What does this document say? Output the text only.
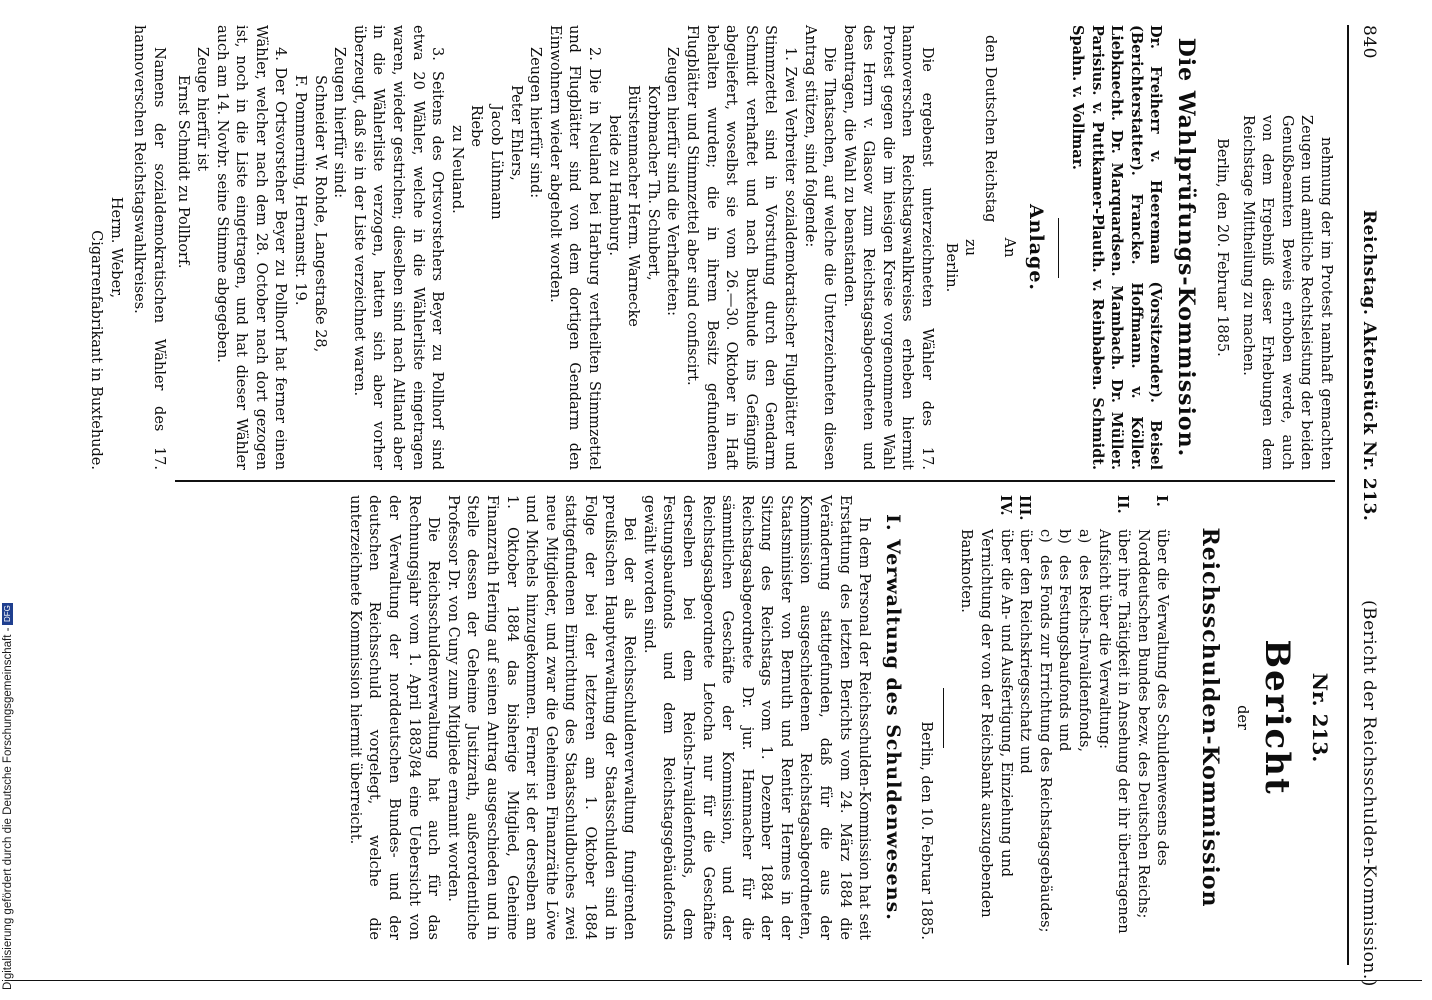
840
Reichstag. Aktenstück Nr. 213.
(Bericht der Reichsschulden-Kommission.)

nehmung der im Protest namhaft gemachten Zeugen und amtliche Rechtsleistung der beiden Genußbeamten Beweis erhoben werde, auch von dem Ergebniß dieser Erhebungen dem Reichstage Mittheilung zu machen.

Berlin, den 20. Februar 1885.

Die Wahlprüfungs-Kommission.

Dr. Freiherr v. Heereman (Vorsitzender). Beisel (Berichterstatter). Francke. Hoffmann. v. Köller. Liebknecht. Dr. Marquardsen. Mambach. Dr. Müller. Parisius. v. Puttkamer-Plauth. v. Reinbaben. Schmidt. Spahn. v. Vollmar.

Anlage.

An

den Deutschen Reichstag

zu

Berlin.

Die ergebenst unterzeichneten Wähler des 17. hannoverschen Reichstagswahlkreises erheben hiermit Protest gegen die im hiesigen Kreise vorgenommene Wahl des Herrn v. Glasow zum Reichstagsabgeordneten und beantragen, die Wahl zu beanstanden.

Die Thatsachen, auf welche die Unterzeichneten diesen Antrag stützen, sind folgende:

1. Zwei Verbreiter sozialdemokratischer Flugblätter und Stimmzettel sind in Vorstufung durch den Gendarm Schmidt verhaftet und nach Buxtehude ins Gefängniß abgeliefert, woselbst sie vom 26.—30. Oktober in Haft behalten wurden; die in ihrem Besitz gefundenen Flugblätter und Stimmzettel aber sind confiscirt.

Zeugen hierfür sind die Verhafteten:

Korbmacher Th. Schubert,

Bürstenmacher Herm. Warnecke

beide zu Hamburg.

2. Die in Neuland bei Harburg vertheilten Stimmzettel und Flugblätter sind von dem dortigen Gendarm den Einwohnern wieder abgeholt worden.

Zeugen hierfür sind:

Peter Ehlers,

Jacob Lühmann

Riebe

zu Neuland.

3. Seitens des Ortsvorstehers Beyer zu Pollhorf sind etwa 20 Wähler, welche in die Wählerliste eingetragen waren, wieder gestrichen; dieselben sind nach Altland aber in die Wählerliste verzogen, hatten sich aber vorher überzeugt, daß sie in der Liste verzeichnet waren.

Zeugen hierfür sind:

Schneider W. Rohde, Langestraße 28,

F. Pommerning, Hernamstr. 19.

4. Der Ortsvorsteher Beyer zu Pollhorf hat ferner einen Wähler, welcher nach dem 28. October nach dort gezogen ist, noch in die Liste eingetragen, und hat dieser Wähler auch am 14. Novbr. seine Stimme abgegeben.

Zeuge hierfür ist

Ernst Schmidt zu Pollhorf.

Namens der sozialdemokratischen Wähler des 17. hannoverschen Reichstagswahlkreises.

Herm. Weber,

Cigarrenfabrikant in Buxtehude.

Nr. 213.

Bericht

der

Reichsschulden-Kommission

I.
über die Verwaltung des Schuldenwesens des Norddeutschen Bundes bezw. des Deutschen Reichs;
II.
über ihre Thätigkeit in Ansehung der ihr übertragenen Aufsicht über die Verwaltung:
a)
des Reichs-Invalidenfonds,
b)
des Festungsbaufonds und
c)
des Fonds zur Errichtung des Reichstagsgebäudes;
III.
über den Reichskriegsschatz und
IV.
über die An- und Ausfertigung, Einziehung und Vernichtung der von der Reichsbank auszugebenden Banknoten.

Berlin, den 10. Februar 1885.

I. Verwaltung des Schuldenwesens.

In dem Personal der Reichsschulden-Kommission hat seit Erstattung des letzten Berichts vom 24. März 1884 die Veränderung stattgefunden, daß für die aus der Kommission ausgeschiedenen Reichstagsabgeordneten, Staatsminister von Bernuth und Rentier Hermes in der Sitzung des Reichstags vom 1. Dezember 1884 der Reichstagsabgeordnete Dr. jur. Hammacher für die sämmtlichen Geschäfte der Kommission, und der Reichstagsabgeordnete Letocha nur für die Geschäfte derselben bei dem Reichs-Invalidenfonds, dem Festungsbaufonds und dem Reichstagsgebäudefonds gewählt worden sind.

Bei der als Reichsschuldenverwaltung fungirenden preußischen Hauptverwaltung der Staatsschulden sind in Folge der bei der letzteren am 1. Oktober 1884 stattgefundenen Einrichtung des Staatsschuldbuches zwei neue Mitglieder, und zwar die Geheimen Finanzräthe Löwe und Michels hinzugekommen. Ferner ist der derselben am 1. Oktober 1884 das bisherige Mitglied, Geheime Finanzrath Hering auf seinen Antrag ausgeschieden und in Stelle dessen der Geheime Justizrath, außerordentliche Professor Dr. von Cuny zum Mitgliede ernannt worden.

Die Reichsschuldenverwaltung hat auch für das Rechnungsjahr vom 1. April 1883/84 eine Uebersicht von der Verwaltung der norddeutschen Bundes- und der deutschen Reichsschuld vorgelegt, welche die unterzeichnete Kommission hiermit überreicht.

Digitalisierung gefördert durch die Deutsche Forschungsgemeinschaft -DFG
